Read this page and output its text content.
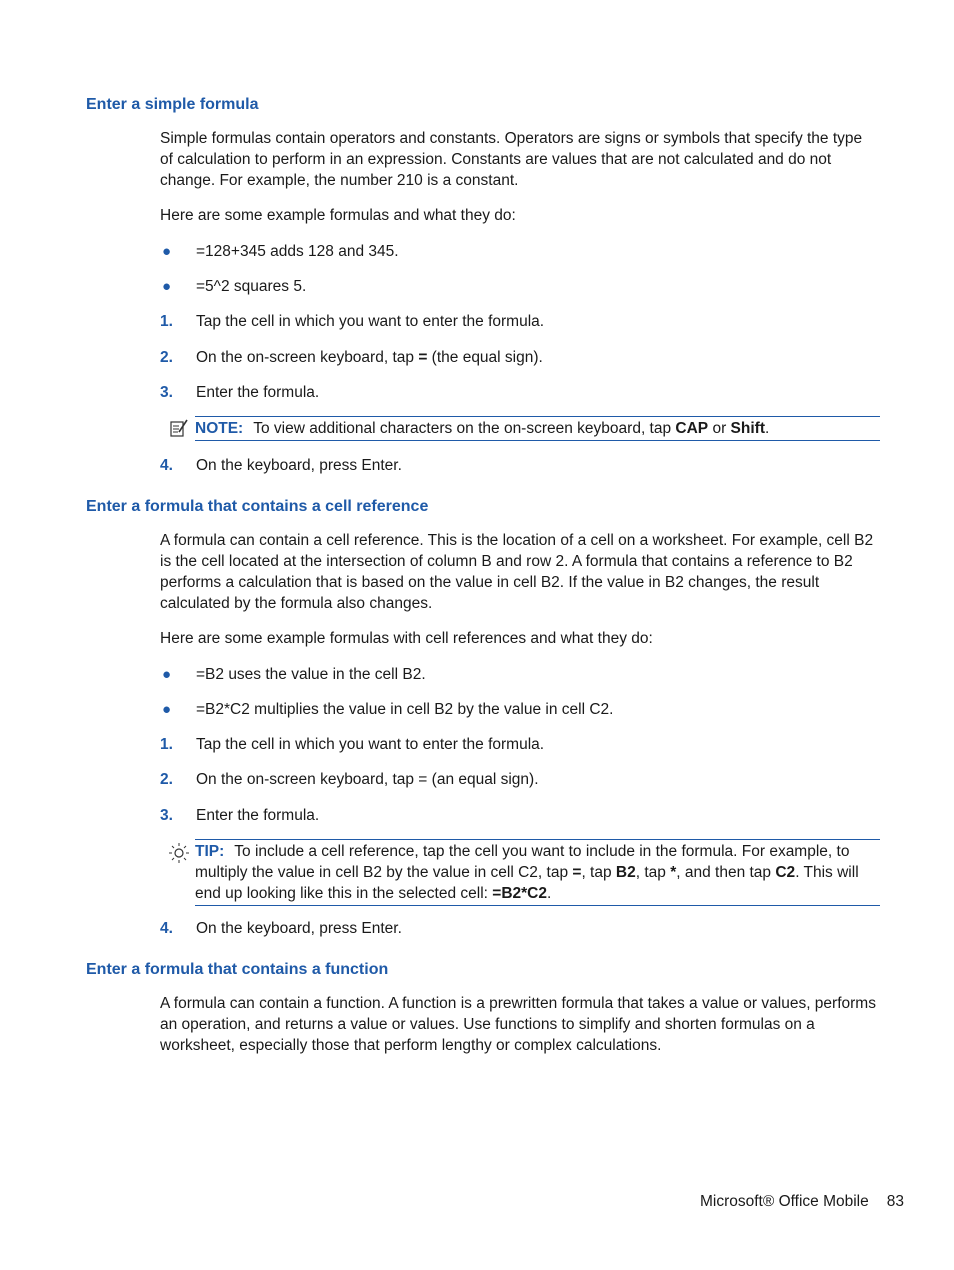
Enter a simple formula

Simple formulas contain operators and constants. Operators are signs or symbols that specify the type of calculation to perform in an expression. Constants are values that are not calculated and do not change. For example, the number 210 is a constant.

Here are some example formulas and what they do:

● =128+345 adds 128 and 345.
● =5^2 squares 5.
1. Tap the cell in which you want to enter the formula.
2. On the on-screen keyboard, tap = (the equal sign).
3. Enter the formula.
NOTE: To view additional characters on the on-screen keyboard, tap CAP or Shift.
4. On the keyboard, press Enter.
Enter a formula that contains a cell reference

A formula can contain a cell reference. This is the location of a cell on a worksheet. For example, cell B2 is the cell located at the intersection of column B and row 2. A formula that contains a reference to B2 performs a calculation that is based on the value in cell B2. If the value in B2 changes, the result calculated by the formula also changes.

Here are some example formulas with cell references and what they do:

● =B2 uses the value in the cell B2.
● =B2*C2 multiplies the value in cell B2 by the value in cell C2.
1. Tap the cell in which you want to enter the formula.
2. On the on-screen keyboard, tap = (an equal sign).
3. Enter the formula.
TIP: To include a cell reference, tap the cell you want to include in the formula. For example, to multiply the value in cell B2 by the value in cell C2, tap =, tap B2, tap *, and then tap C2. This will end up looking like this in the selected cell: =B2*C2.
4. On the keyboard, press Enter.
Enter a formula that contains a function

A formula can contain a function. A function is a prewritten formula that takes a value or values, performs an operation, and returns a value or values. Use functions to simplify and shorten formulas on a worksheet, especially those that perform lengthy or complex calculations.

Microsoft® Office Mobile 83
